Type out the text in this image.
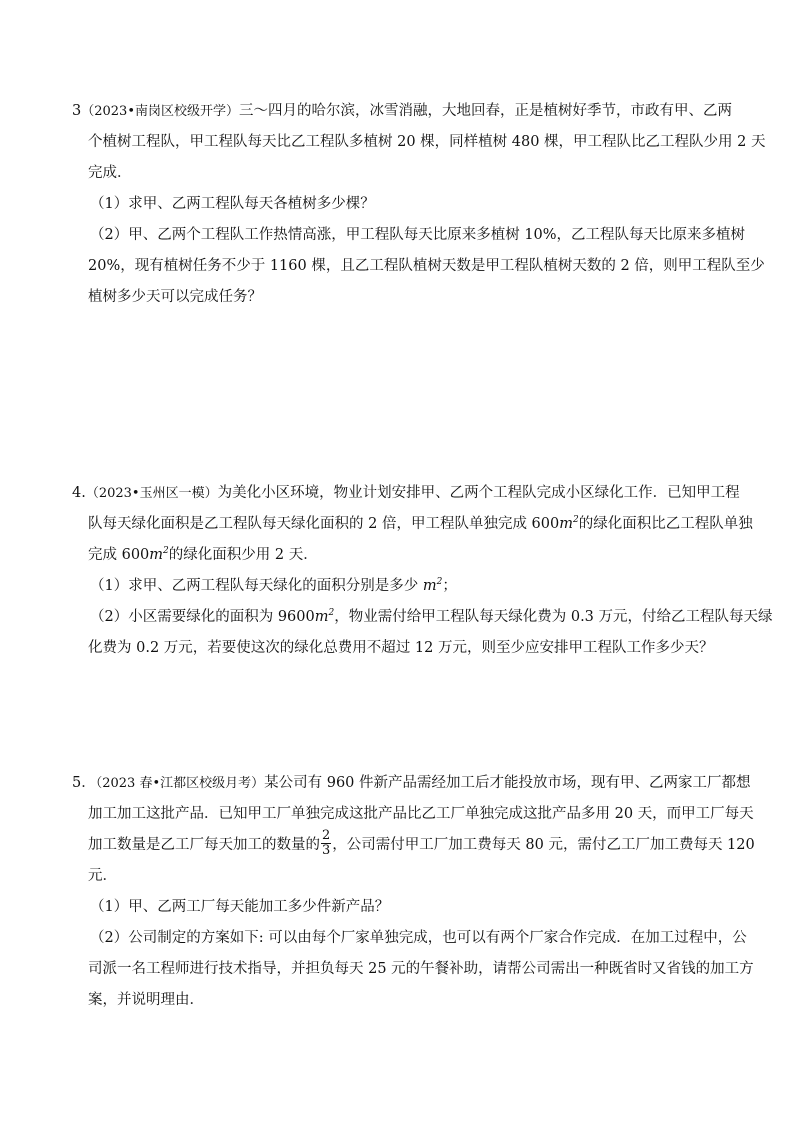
3（2023•南岗区校级开学）三～四月的哈尔滨，冰雪消融，大地回春，正是植树好季节，市政有甲、乙两
个植树工程队，甲工程队每天比乙工程队多植树 20 棵，同样植树 480 棵，甲工程队比乙工程队少用 2 天
完成．
（1）求甲、乙两工程队每天各植树多少棵？
（2）甲、乙两个工程队工作热情高涨，甲工程队每天比原来多植树 10%，乙工程队每天比原来多植树
20%，现有植树任务不少于 1160 棵，且乙工程队植树天数是甲工程队植树天数的 2 倍，则甲工程队至少
植树多少天可以完成任务？
4.（2023•玉州区一模）为美化小区环境，物业计划安排甲、乙两个工程队完成小区绿化工作．已知甲工程
队每天绿化面积是乙工程队每天绿化面积的 2 倍，甲工程队单独完成 $600m^2$的绿化面积比乙工程队单独
完成 $600m^2$的绿化面积少用 2 天．
（1）求甲、乙两工程队每天绿化的面积分别是多少 $m^2$；
（2）小区需要绿化的面积为 $9600m^2$，物业需付给甲工程队每天绿化费为 0.3 万元，付给乙工程队每天绿
化费为 0.2 万元，若要使这次的绿化总费用不超过 12 万元，则至少应安排甲工程队工作多少天？
5．（2023 春•江都区校级月考）某公司有 960 件新产品需经加工后才能投放市场，现有甲、乙两家工厂都想
加工加工这批产品．已知甲工厂单独完成这批产品比乙工厂单独完成这批产品多用 20 天，而甲工厂每天
加工数量是乙工厂每天加工的数量的 $\frac{2}{3}$ ，公司需付甲工厂加工费每天 80 元，需付乙工厂加工费每天 120
元．
（1）甲、乙两工厂每天能加工多少件新产品？
（2）公司制定的方案如下: 可以由每个厂家单独完成，也可以有两个厂家合作完成．在加工过程中，公
司派一名工程师进行技术指导，并担负每天 25 元的午餐补助，请帮公司需出一种既省时又省钱的加工方
案，并说明理由．
